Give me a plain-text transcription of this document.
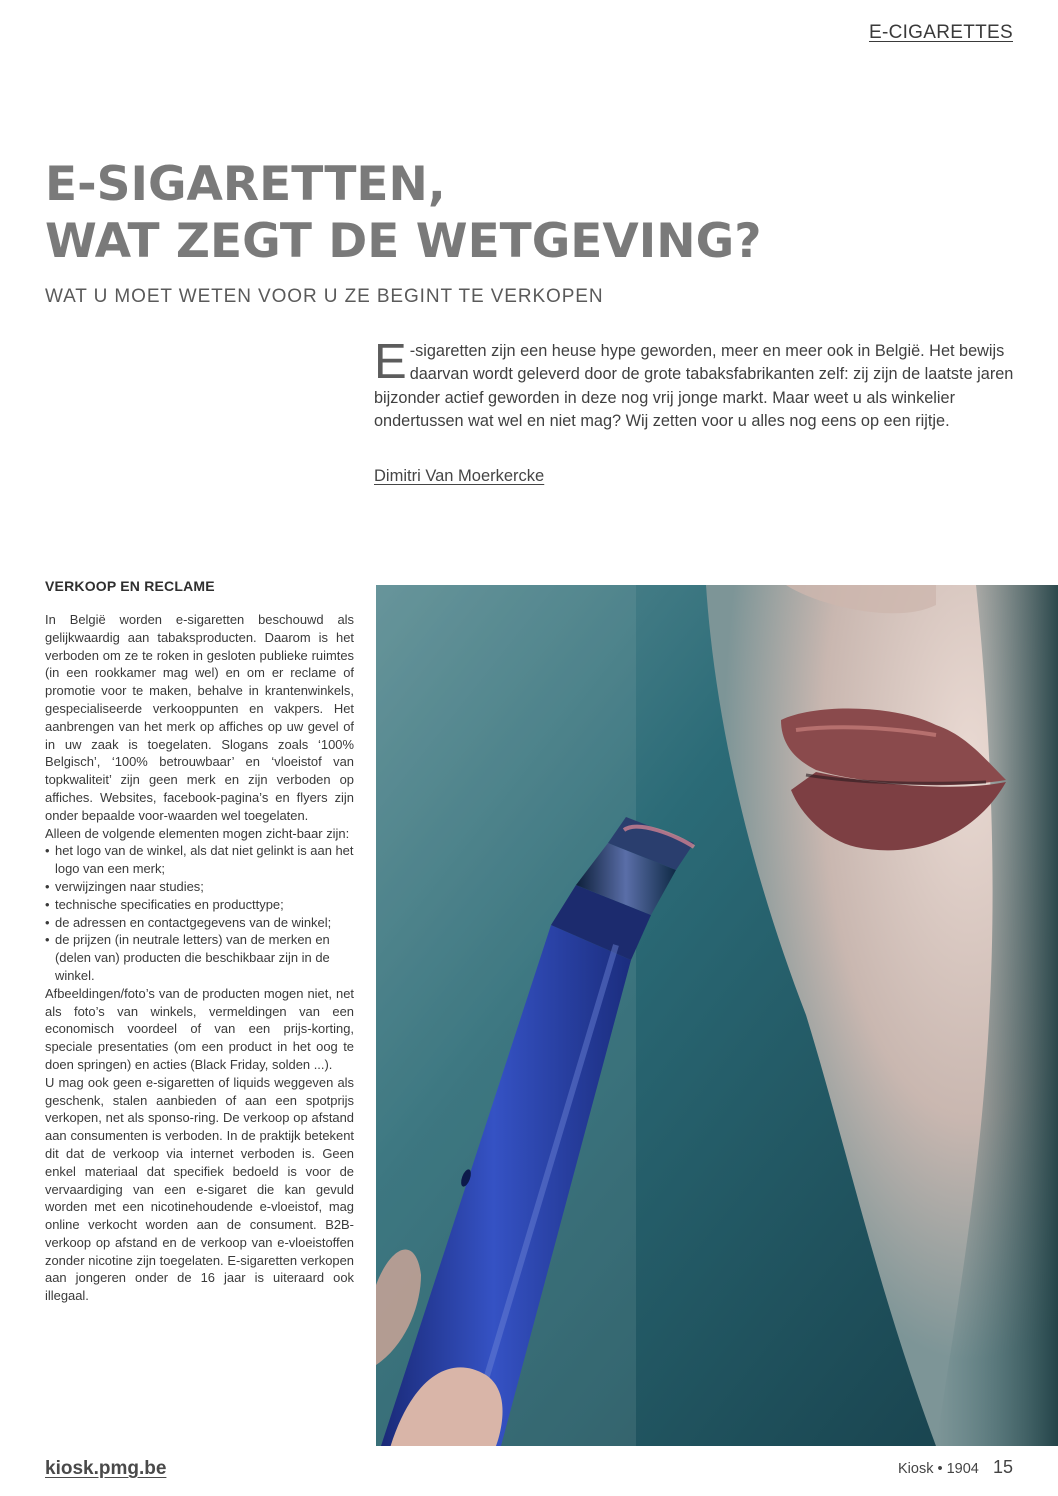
E-CIGARETTES
E-SIGARETTEN,
WAT ZEGT DE WETGEVING?
WAT U MOET WETEN VOOR U ZE BEGINT TE VERKOPEN
E -sigaretten zijn een heuse hype geworden, meer en meer ook in België. Het bewijs daarvan wordt geleverd door de grote tabaksfabrikanten zelf: zij zijn de laatste jaren bijzonder actief geworden in deze nog vrij jonge markt. Maar weet u als winkelier ondertussen wat wel en niet mag? Wij zetten voor u alles nog eens op een rijtje.
Dimitri Van Moerkercke
VERKOOP EN RECLAME

In België worden e-sigaretten beschouwd als gelijkwaardig aan tabaksproducten. Daarom is het verboden om ze te roken in gesloten publieke ruimtes (in een rookkamer mag wel) en om er reclame of promotie voor te maken, behalve in krantenwinkels, gespecialiseerde verkooppunten en vakpers. Het aanbrengen van het merk op affiches op uw gevel of in uw zaak is toegelaten. Slogans zoals ‘100% Belgisch’, ‘100% betrouwbaar’ en ‘vloeistof van topkwaliteit’ zijn geen merk en zijn verboden op affiches. Websites, facebook-pagina’s en flyers zijn onder bepaalde voor-waarden wel toegelaten.

Alleen de volgende elementen mogen zicht-baar zijn:

• het logo van de winkel, als dat niet gelinkt is aan het logo van een merk;
• verwijzingen naar studies;
• technische specificaties en producttype;
• de adressen en contactgegevens van de winkel;
• de prijzen (in neutrale letters) van de merken en (delen van) producten die beschikbaar zijn in de winkel.

Afbeeldingen/foto’s van de producten mogen niet, net als foto’s van winkels, vermeldingen van een economisch voordeel of van een prijs-korting, speciale presentaties (om een product in het oog te doen springen) en acties (Black Friday, solden ...).

U mag ook geen e-sigaretten of liquids weggeven als geschenk, stalen aanbieden of aan een spotprijs verkopen, net als sponso-ring. De verkoop op afstand aan consumenten is verboden. In de praktijk betekent dit dat de verkoop via internet verboden is. Geen enkel materiaal dat specifiek bedoeld is voor de vervaardiging van een e-sigaret die kan gevuld worden met een nicotinehoudende e-vloeistof, mag online verkocht worden aan de consument. B2B-verkoop op afstand en de verkoop van e-vloeistoffen zonder nicotine zijn toegelaten. E-sigaretten verkopen aan jongeren onder de 16 jaar is uiteraard ook illegaal.

kiosk.pmg.be	Kiosk • 1904 15
